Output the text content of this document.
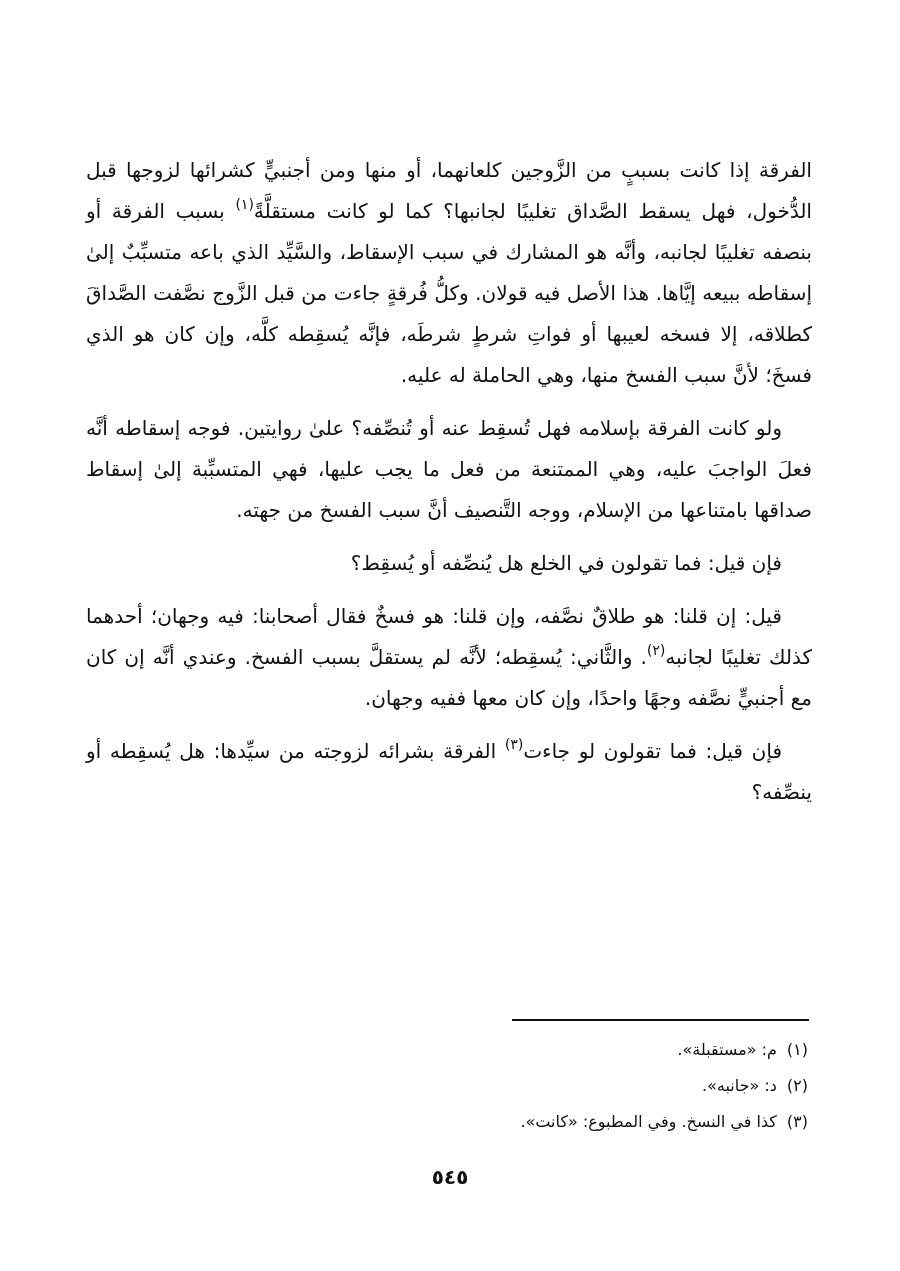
الفرقة إذا كانت بسببٍ من الزَّوجين كلعانهما، أو منها ومن أجنبيٍّ كشرائها لزوجها قبل الدُّخول، فهل يسقط الصَّداق تغليبًا لجانبها؟ كما لو كانت مستقلَّةً$^{(١)}$ بسبب الفرقة أو بنصفه تغليبًا لجانبه، وأنَّه هو المشارك في سبب الإسقاط، والسَّيِّد الذي باعه متسبِّبٌ إلىٰ إسقاطه ببيعه إيَّاها. هذا الأصل فيه قولان. وكلُّ فُرقةٍ جاءت من قبل الزَّوج نصَّفت الصَّداقَ كطلاقه، إلا فسخه لعيبها أو فواتِ شرطٍ شرطَه، فإنَّه يُسقِطه كلَّه، وإن كان هو الذي فسخَ؛ لأنَّ سبب الفسخ منها، وهي الحاملة له عليه.

ولو كانت الفرقة بإسلامه فهل تُسقِط عنه أو تُنصِّفه؟ علىٰ روايتين. فوجه إسقاطه أنَّه فعلَ الواجبَ عليه، وهي الممتنعة من فعل ما يجب عليها، فهي المتسبِّبة إلىٰ إسقاط صداقها بامتناعها من الإسلام، ووجه التَّنصيف أنَّ سبب الفسخ من جهته.

فإن قيل: فما تقولون في الخلع هل يُنصِّفه أو يُسقِط؟

قيل: إن قلنا: هو طلاقٌ نصَّفه، وإن قلنا: هو فسخٌ فقال أصحابنا: فيه وجهان؛ أحدهما كذلك تغليبًا لجانبه$^{(٢)}$. والثَّاني: يُسقِطه؛ لأنَّه لم يستقلَّ بسبب الفسخ. وعندي أنَّه إن كان مع أجنبيٍّ نصَّفه وجهًا واحدًا، وإن كان معها ففيه وجهان.

فإن قيل: فما تقولون لو جاءت$^{(٣)}$ الفرقة بشرائه لزوجته من سيِّدها: هل يُسقِطه أو ينصِّفه؟

(١)م: «مستقبلة».
(٢)د: «جانبه».
(٣)كذا في النسخ. وفي المطبوع: «كانت».
٥٤٥
